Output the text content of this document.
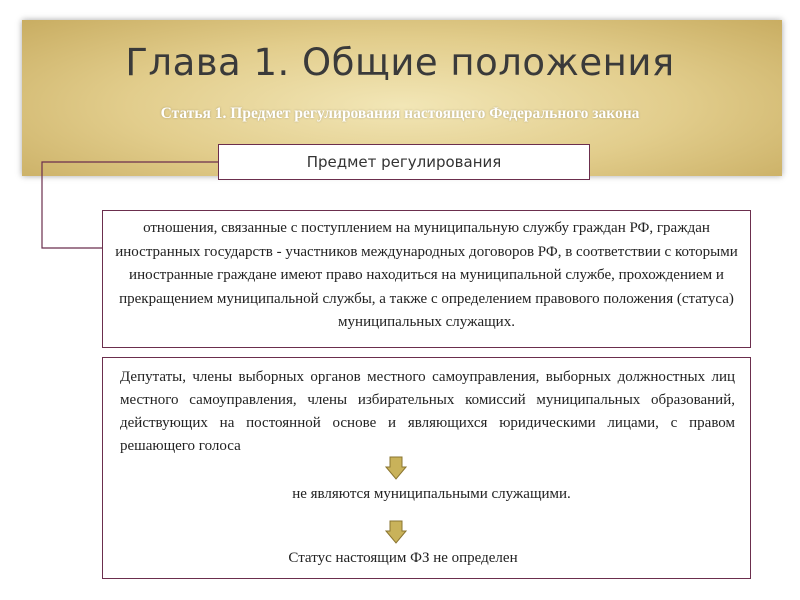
Глава 1. Общие положения
Статья 1. Предмет регулирования настоящего Федерального закона
Предмет регулирования
отношения, связанные с поступлением на муниципальную службу граждан РФ, граждан иностранных государств - участников международных договоров РФ, в соответствии с которыми иностранные граждане имеют право находиться на муниципальной службе, прохождением и прекращением муниципальной службы, а также с определением правового положения (статуса) муниципальных служащих.
Депутаты, члены выборных органов местного самоуправления, выборных должностных лиц местного самоуправления, члены избирательных комиссий муниципальных образований, действующих на постоянной основе и являющихся юридическими лицами, с правом решающего голоса
не являются муниципальными служащими.
Статус настоящим ФЗ не определен
